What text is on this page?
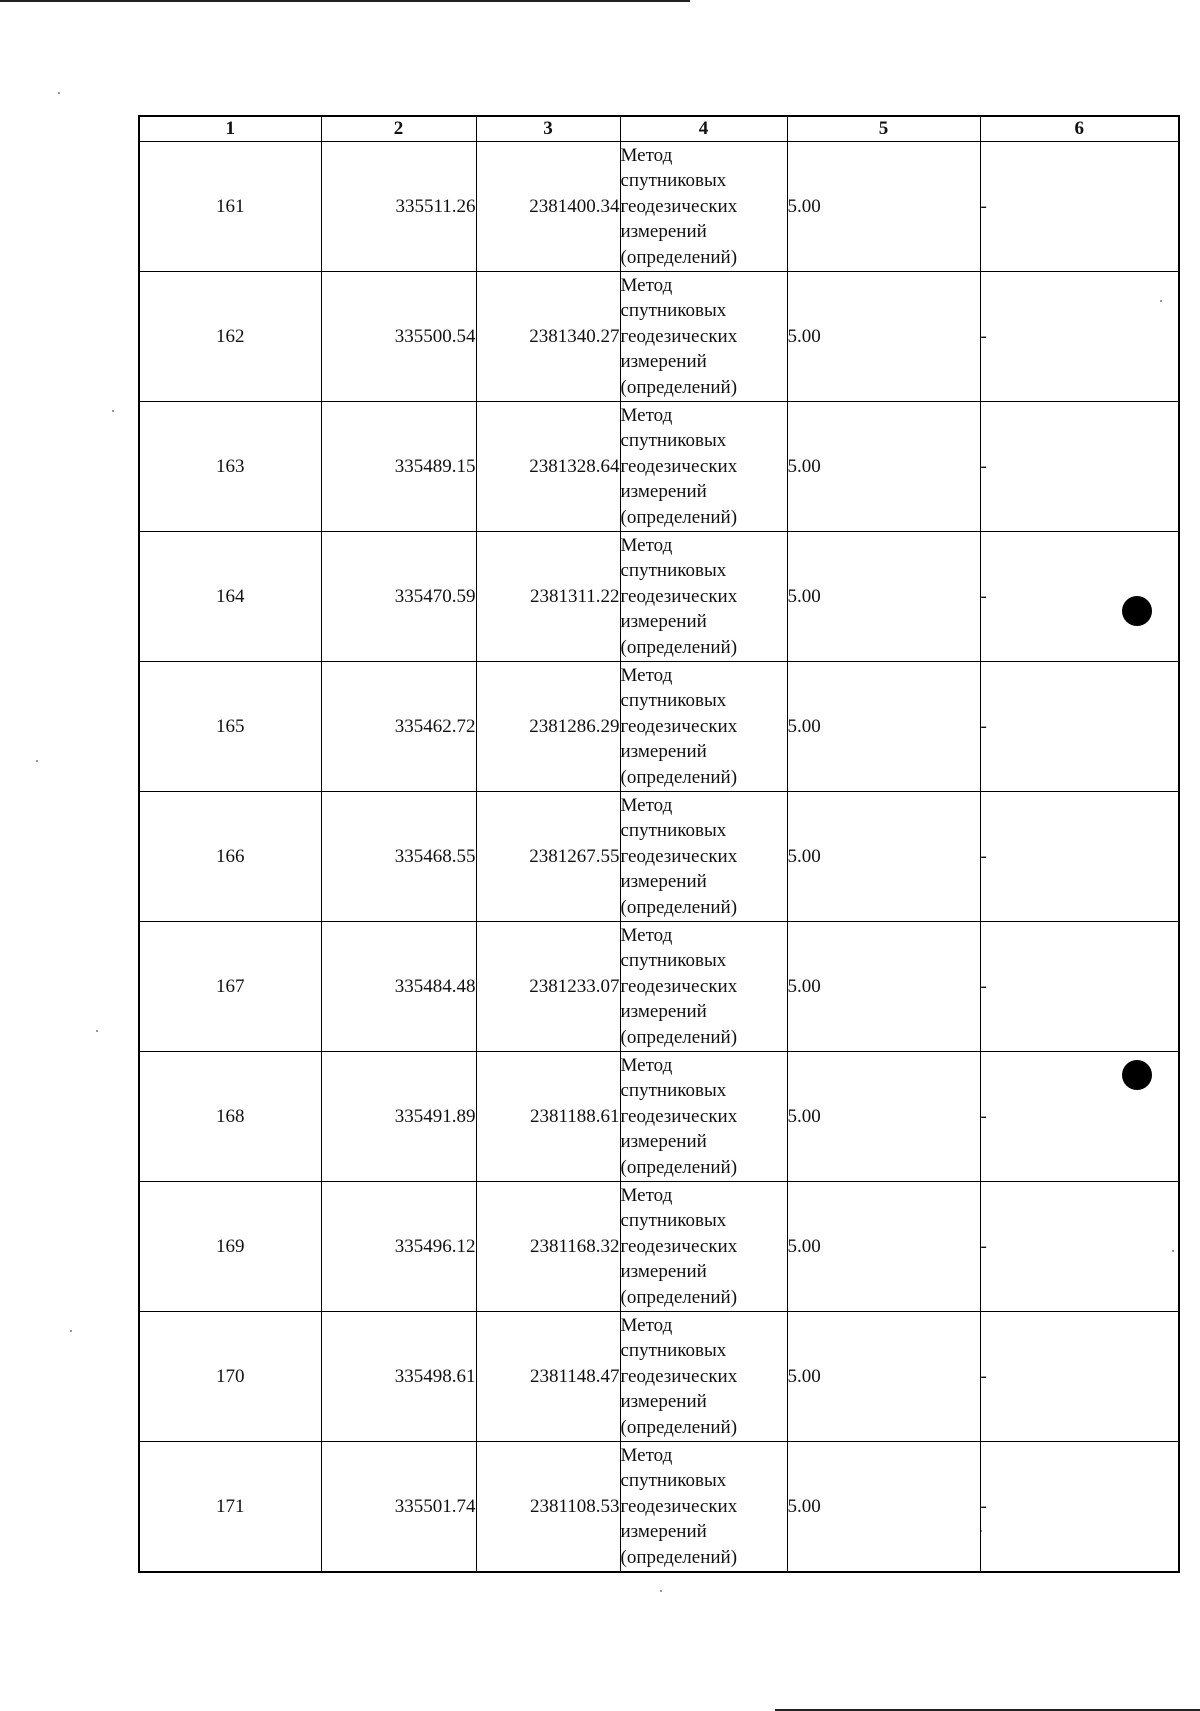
1	2	3	4	5	6
161	335511.26	2381400.34	Метод
спутниковых
геодезических
измерений
(определений)	5.00	-
162	335500.54	2381340.27	Метод
спутниковых
геодезических
измерений
(определений)	5.00	-
163	335489.15	2381328.64	Метод
спутниковых
геодезических
измерений
(определений)	5.00	-
164	335470.59	2381311.22	Метод
спутниковых
геодезических
измерений
(определений)	5.00	-
165	335462.72	2381286.29	Метод
спутниковых
геодезических
измерений
(определений)	5.00	-
166	335468.55	2381267.55	Метод
спутниковых
геодезических
измерений
(определений)	5.00	-
167	335484.48	2381233.07	Метод
спутниковых
геодезических
измерений
(определений)	5.00	-
168	335491.89	2381188.61	Метод
спутниковых
геодезических
измерений
(определений)	5.00	-
169	335496.12	2381168.32	Метод
спутниковых
геодезических
измерений
(определений)	5.00	-
170	335498.61	2381148.47	Метод
спутниковых
геодезических
измерений
(определений)	5.00	-
171	335501.74	2381108.53	Метод
спутниковых
геодезических
измерений
(определений)	5.00	-
